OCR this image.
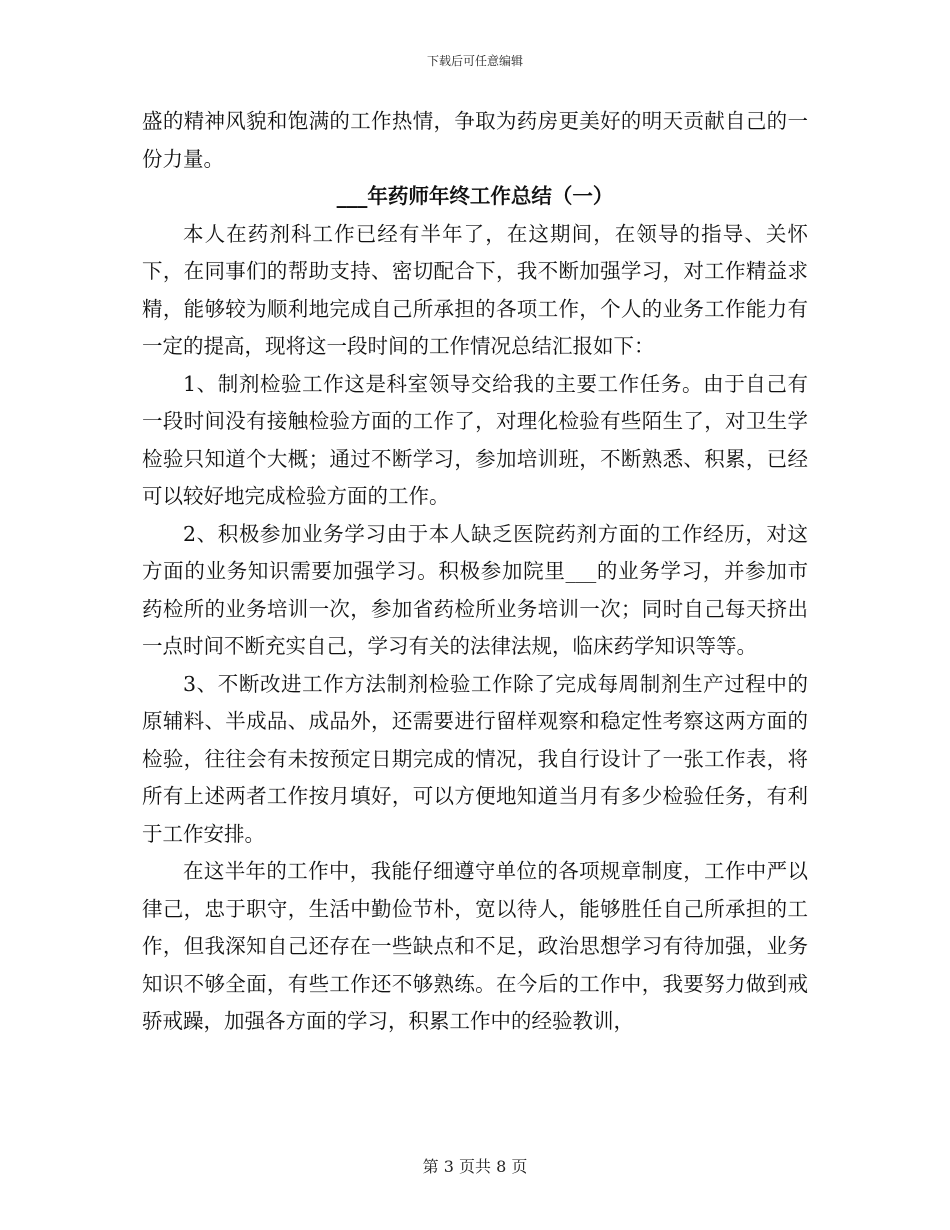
下载后可任意编辑

盛的精神风貌和饱满的工作热情，争取为药房更美好的明天贡献自己的一份力量。

___年药师年终工作总结（一）

本人在药剂科工作已经有半年了，在这期间，在领导的指导、关怀下，在同事们的帮助支持、密切配合下，我不断加强学习，对工作精益求精，能够较为顺利地完成自己所承担的各项工作，个人的业务工作能力有一定的提高，现将这一段时间的工作情况总结汇报如下：

1、制剂检验工作这是科室领导交给我的主要工作任务。由于自己有一段时间没有接触检验方面的工作了，对理化检验有些陌生了，对卫生学检验只知道个大概；通过不断学习，参加培训班，不断熟悉、积累，已经可以较好地完成检验方面的工作。

2、积极参加业务学习由于本人缺乏医院药剂方面的工作经历，对这方面的业务知识需要加强学习。积极参加院里___的业务学习，并参加市药检所的业务培训一次，参加省药检所业务培训一次；同时自己每天挤出一点时间不断充实自己，学习有关的法律法规，临床药学知识等等。

3、不断改进工作方法制剂检验工作除了完成每周制剂生产过程中的原辅料、半成品、成品外，还需要进行留样观察和稳定性考察这两方面的检验，往往会有未按预定日期完成的情况，我自行设计了一张工作表，将所有上述两者工作按月填好，可以方便地知道当月有多少检验任务，有利于工作安排。

在这半年的工作中，我能仔细遵守单位的各项规章制度，工作中严以律己，忠于职守，生活中勤俭节朴，宽以待人，能够胜任自己所承担的工作，但我深知自己还存在一些缺点和不足，政治思想学习有待加强，业务知识不够全面，有些工作还不够熟练。在今后的工作中，我要努力做到戒骄戒躁，加强各方面的学习，积累工作中的经验教训，

第 3 页共 8 页
